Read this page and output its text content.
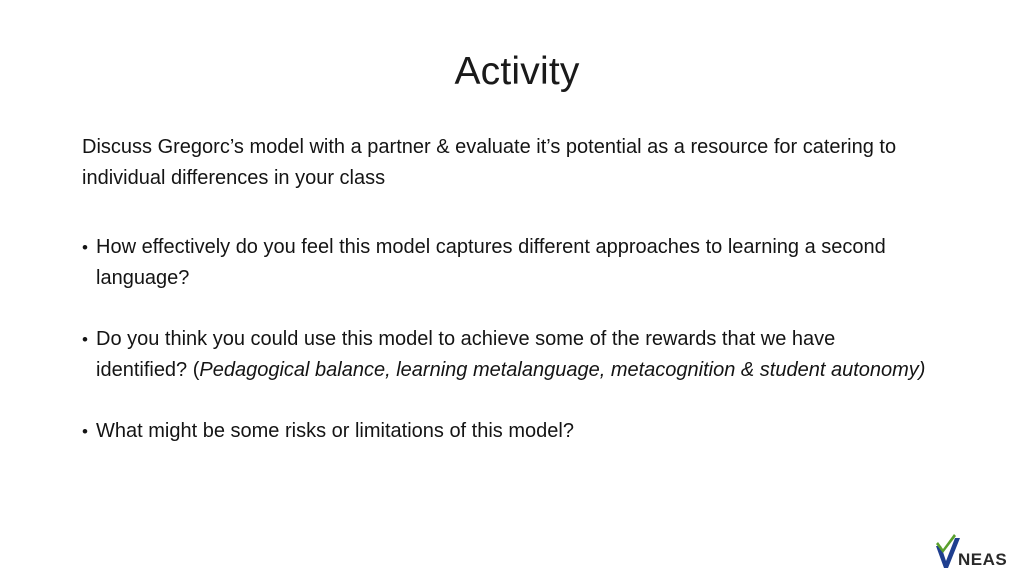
Activity

Discuss Gregorc’s model with a partner & evaluate it’s potential as a resource for catering to individual differences in your class

• How effectively do you feel this model captures different approaches to learning a second language?
• Do you think you could use this model to achieve some of the rewards that we have identified? (Pedagogical balance, learning metalanguage, metacognition & student autonomy)
• What might be some risks or limitations of this model?
NEAS
